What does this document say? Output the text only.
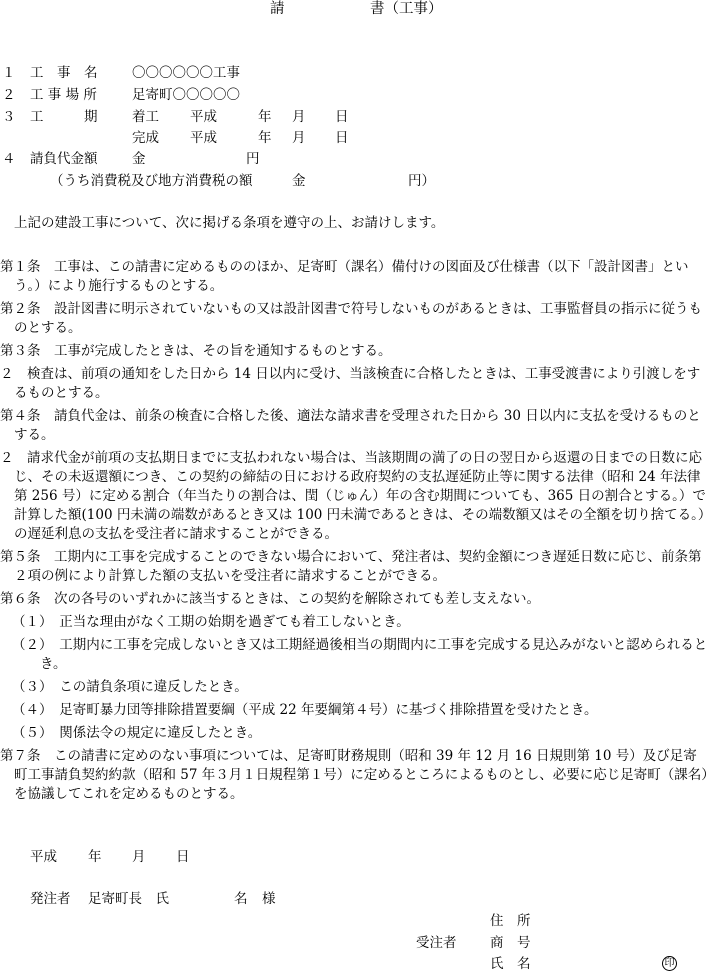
請	書（工事）
１ 工　事　名	〇〇〇〇〇〇工事
２ 工 事 場 所	足寄町〇〇〇〇〇
３ 工　　　期	着工 平成	年 月 日
完成 平成	年 月 日
４ 請負代金額	金	円
（うち消費税及び地方消費税の額	金	円）
上記の建設工事について、次に掲げる条項を遵守の上、お請けします。
第１条　工事は、この請書に定めるもののほか、足寄町（課名）備付けの図面及び仕様書（以下「設計図書」という。）により施行するものとする。
第２条　設計図書に明示されていないもの又は設計図書で符号しないものがあるときは、工事監督員の指示に従うものとする。
第３条　工事が完成したときは、その旨を通知するものとする。
２　検査は、前項の通知をした日から 14 日以内に受け、当該検査に合格したときは、工事受渡書により引渡しをするものとする。
第４条　請負代金は、前条の検査に合格した後、適法な請求書を受理された日から 30 日以内に支払を受けるものとする。
２　請求代金が前項の支払期日までに支払われない場合は、当該期間の満了の日の翌日から返還の日までの日数に応じ、その未返還額につき、この契約の締結の日における政府契約の支払遅延防止等に関する法律（昭和 24 年法律第 256 号）に定める割合（年当たりの割合は、閏（じゅん）年の含む期間についても、365 日の割合とする。）で計算した額(100 円未満の端数があるとき又は 100 円未満であるときは、その端数額又はその全額を切り捨てる。）の遅延利息の支払を受注者に請求することができる。
第５条　工期内に工事を完成することのできない場合において、発注者は、契約金額につき遅延日数に応じ、前条第２項の例により計算した額の支払いを受注者に請求することができる。
第６条　次の各号のいずれかに該当するときは、この契約を解除されても差し支えない。
（１）　正当な理由がなく工期の始期を過ぎても着工しないとき。
（２）　工期内に工事を完成しないとき又は工期経過後相当の期間内に工事を完成する見込みがないと認められるとき。
（３）　この請負条項に違反したとき。
（４）　足寄町暴力団等排除措置要綱（平成 22 年要綱第４号）に基づく排除措置を受けたとき。
（５）　関係法令の規定に違反したとき。
第７条　この請書に定めのない事項については、足寄町財務規則（昭和 39 年 12 月 16 日規則第 10 号）及び足寄町工事請負契約約款（昭和 57 年３月１日規程第１号）に定めるところによるものとし、必要に応じ足寄町（課名）を協議してこれを定めるものとする。
平成 年 月 日
発注者 足寄町長　氏	名 様
住　所
受注者 商　号
氏　名	印
